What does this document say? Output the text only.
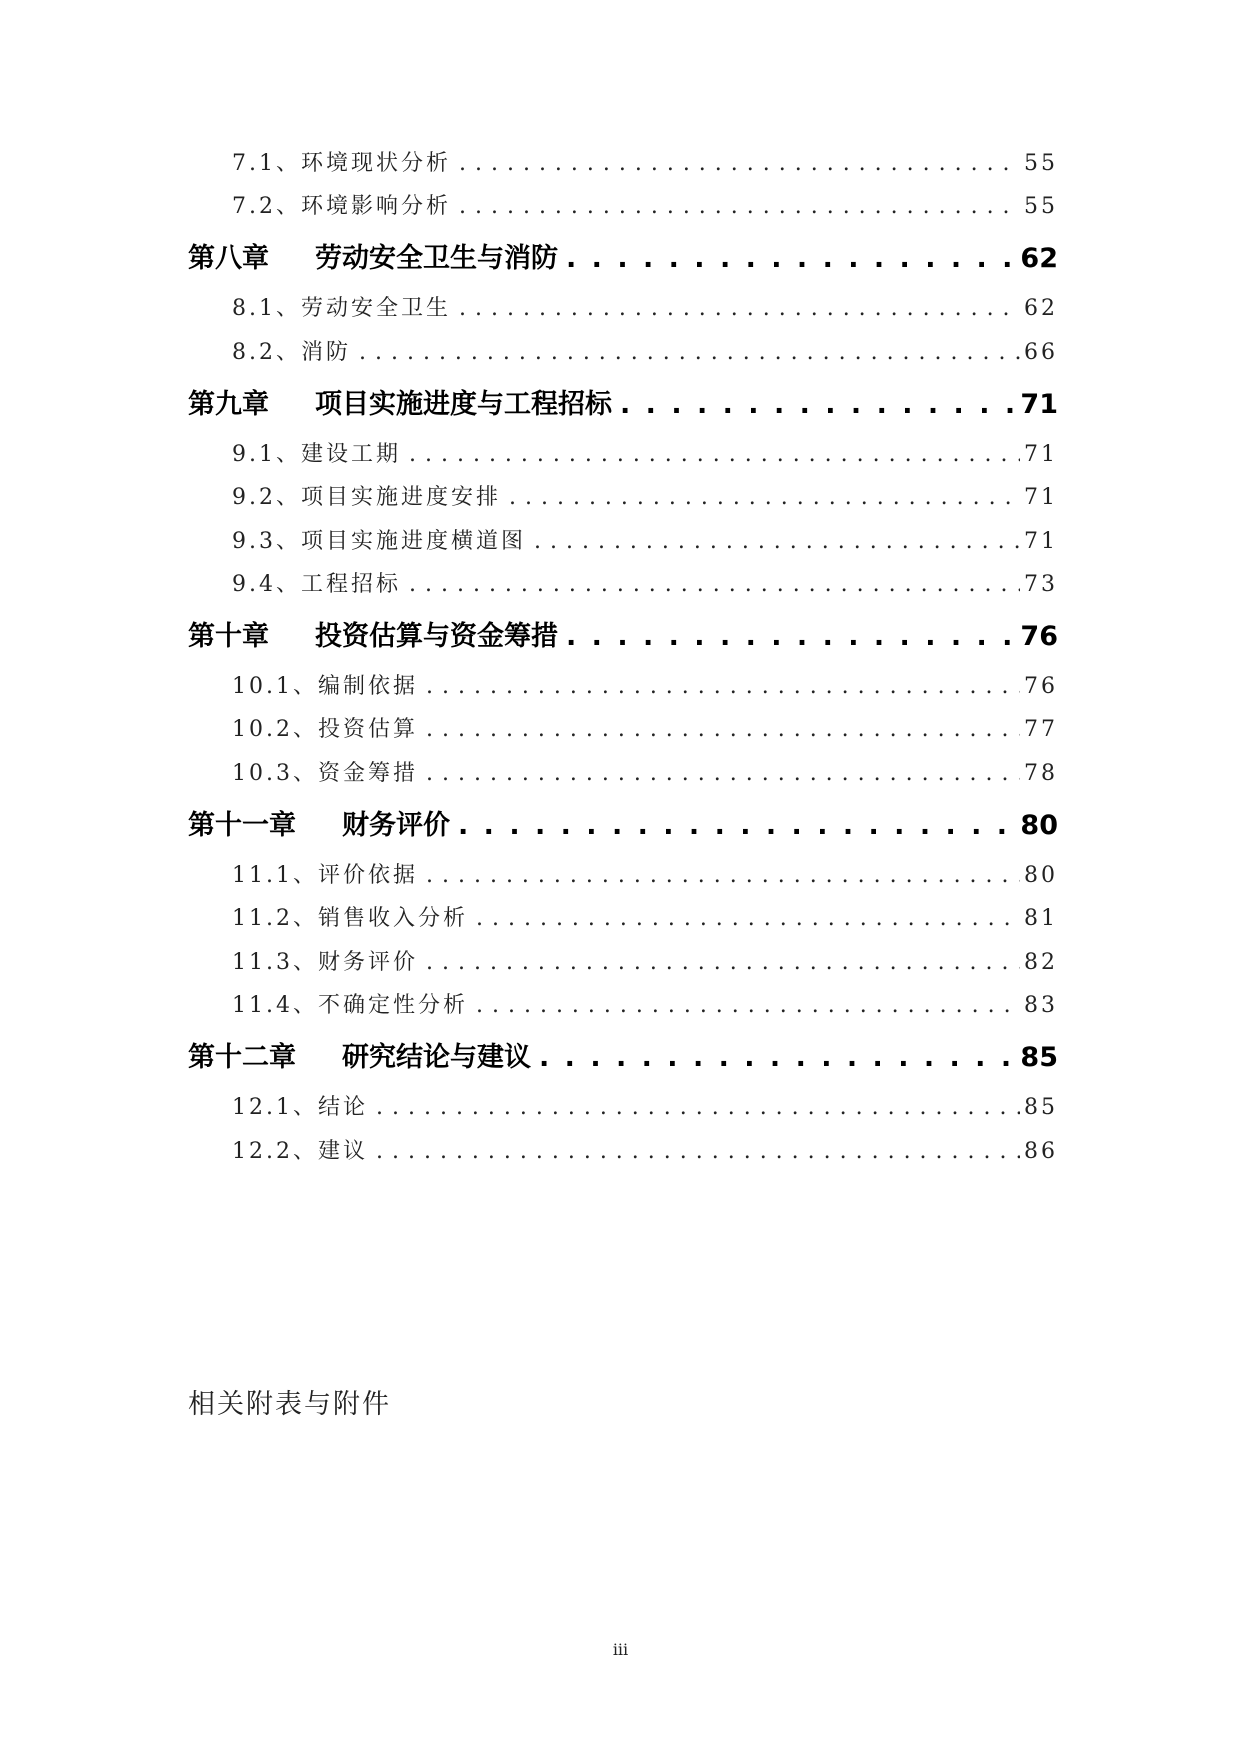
7.1、 环境现状分析 . . .	55
7.2、 环境影响分析 . . .	55
第八章 劳动安全卫生与消防 . . .	62
8.1、 劳动安全卫生 . . .	62
8.2、 消防 . . .	66
第九章 项目实施进度与工程招标 . . .	71
9.1、 建设工期 . . .	71
9.2、 项目实施进度安排 . . .	71
9.3、 项目实施进度横道图 . . .	71
9.4、 工程招标 . . .	73
第十章 投资估算与资金筹措 . . .	76
10.1、 编制依据 . . .	76
10.2、 投资估算 . . .	77
10.3、 资金筹措 . . .	78
第十一章 财务评价 . . .	80
11.1、 评价依据 . . .	80
11.2、 销售收入分析 . . .	81
11.3、 财务评价 . . .	82
11.4、 不确定性分析 . . .	83
第十二章 研究结论与建议 . . .	85
12.1、 结论 . . .	85
12.2、 建议 . . .	86
相关附表与附件
iii
